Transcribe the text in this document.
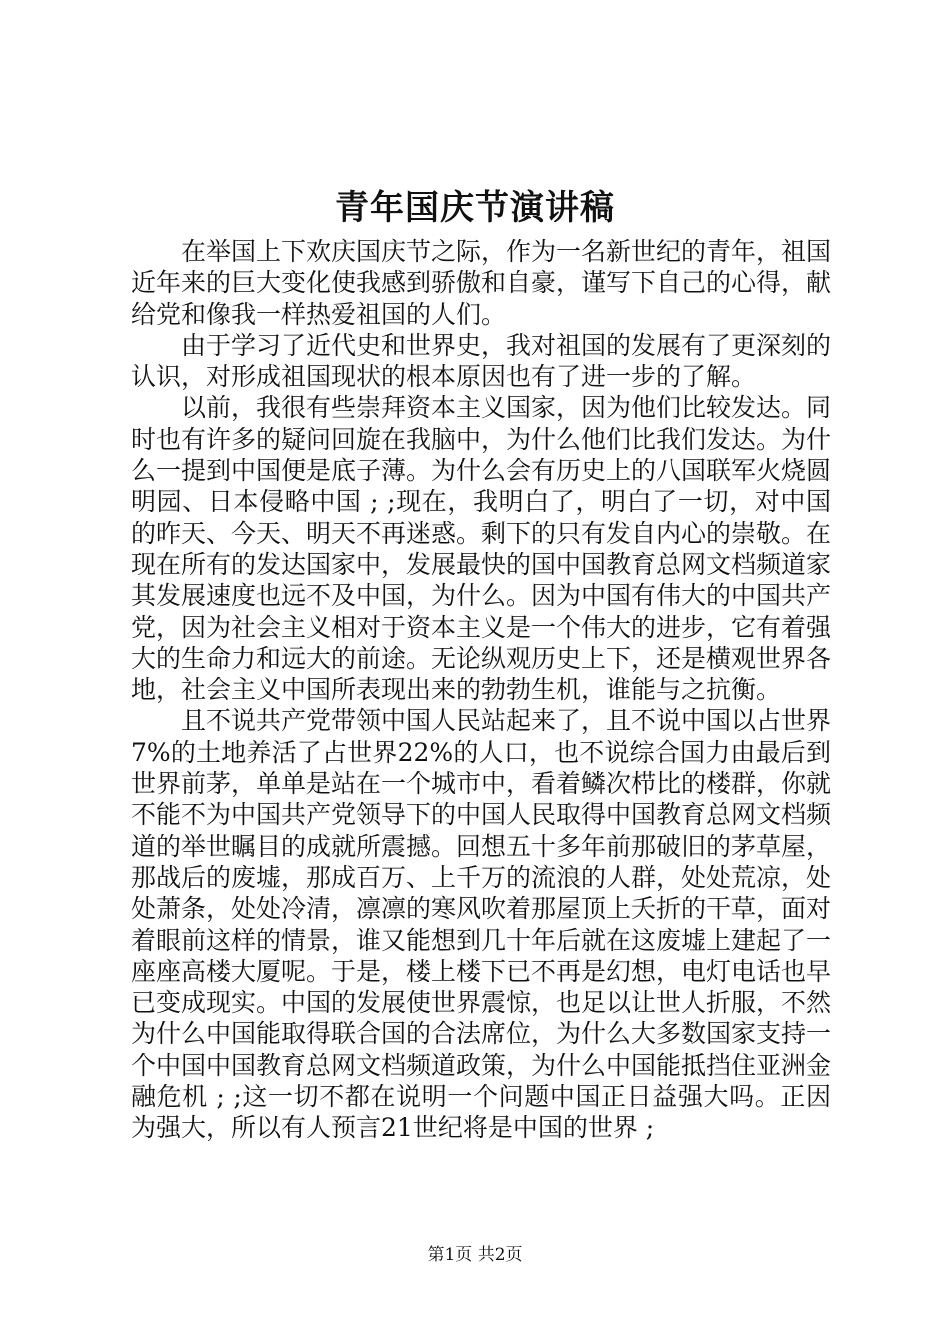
青年国庆节演讲稿

在举国上下欢庆国庆节之际，作为一名新世纪的青年，祖国近年来的巨大变化使我感到骄傲和自豪，谨写下自己的心得，献给党和像我一样热爱祖国的人们。

由于学习了近代史和世界史，我对祖国的发展有了更深刻的认识，对形成祖国现状的根本原因也有了进一步的了解。

以前，我很有些崇拜资本主义国家，因为他们比较发达。同时也有许多的疑问回旋在我脑中，为什么他们比我们发达。为什么一提到中国便是底子薄。为什么会有历史上的八国联军火烧圆明园、日本侵略中国 ; ;现在，我明白了，明白了一切，对中国的昨天、今天、明天不再迷惑。剩下的只有发自内心的崇敬。在现在所有的发达国家中，发展最快的国中国教育总网文档频道家其发展速度也远不及中国，为什么。因为中国有伟大的中国共产党，因为社会主义相对于资本主义是一个伟大的进步，它有着强大的生命力和远大的前途。无论纵观历史上下，还是横观世界各地，社会主义中国所表现出来的勃勃生机，谁能与之抗衡。

且不说共产党带领中国人民站起来了，且不说中国以占世界7%的土地养活了占世界22%的人口，也不说综合国力由最后到世界前茅，单单是站在一个城市中，看着鳞次栉比的楼群，你就不能不为中国共产党领导下的中国人民取得中国教育总网文档频道的举世瞩目的成就所震撼。回想五十多年前那破旧的茅草屋，那战后的废墟，那成百万、上千万的流浪的人群，处处荒凉，处处萧条，处处冷清，凛凛的寒风吹着那屋顶上夭折的干草，面对着眼前这样的情景，谁又能想到几十年后就在这废墟上建起了一座座高楼大厦呢。于是，楼上楼下已不再是幻想，电灯电话也早已变成现实。中国的发展使世界震惊，也足以让世人折服，不然为什么中国能取得联合国的合法席位，为什么大多数国家支持一个中国中国教育总网文档频道政策，为什么中国能抵挡住亚洲金融危机 ; ;这一切不都在说明一个问题中国正日益强大吗。正因为强大，所以有人预言21世纪将是中国的世界 ;

第1页 共2页
